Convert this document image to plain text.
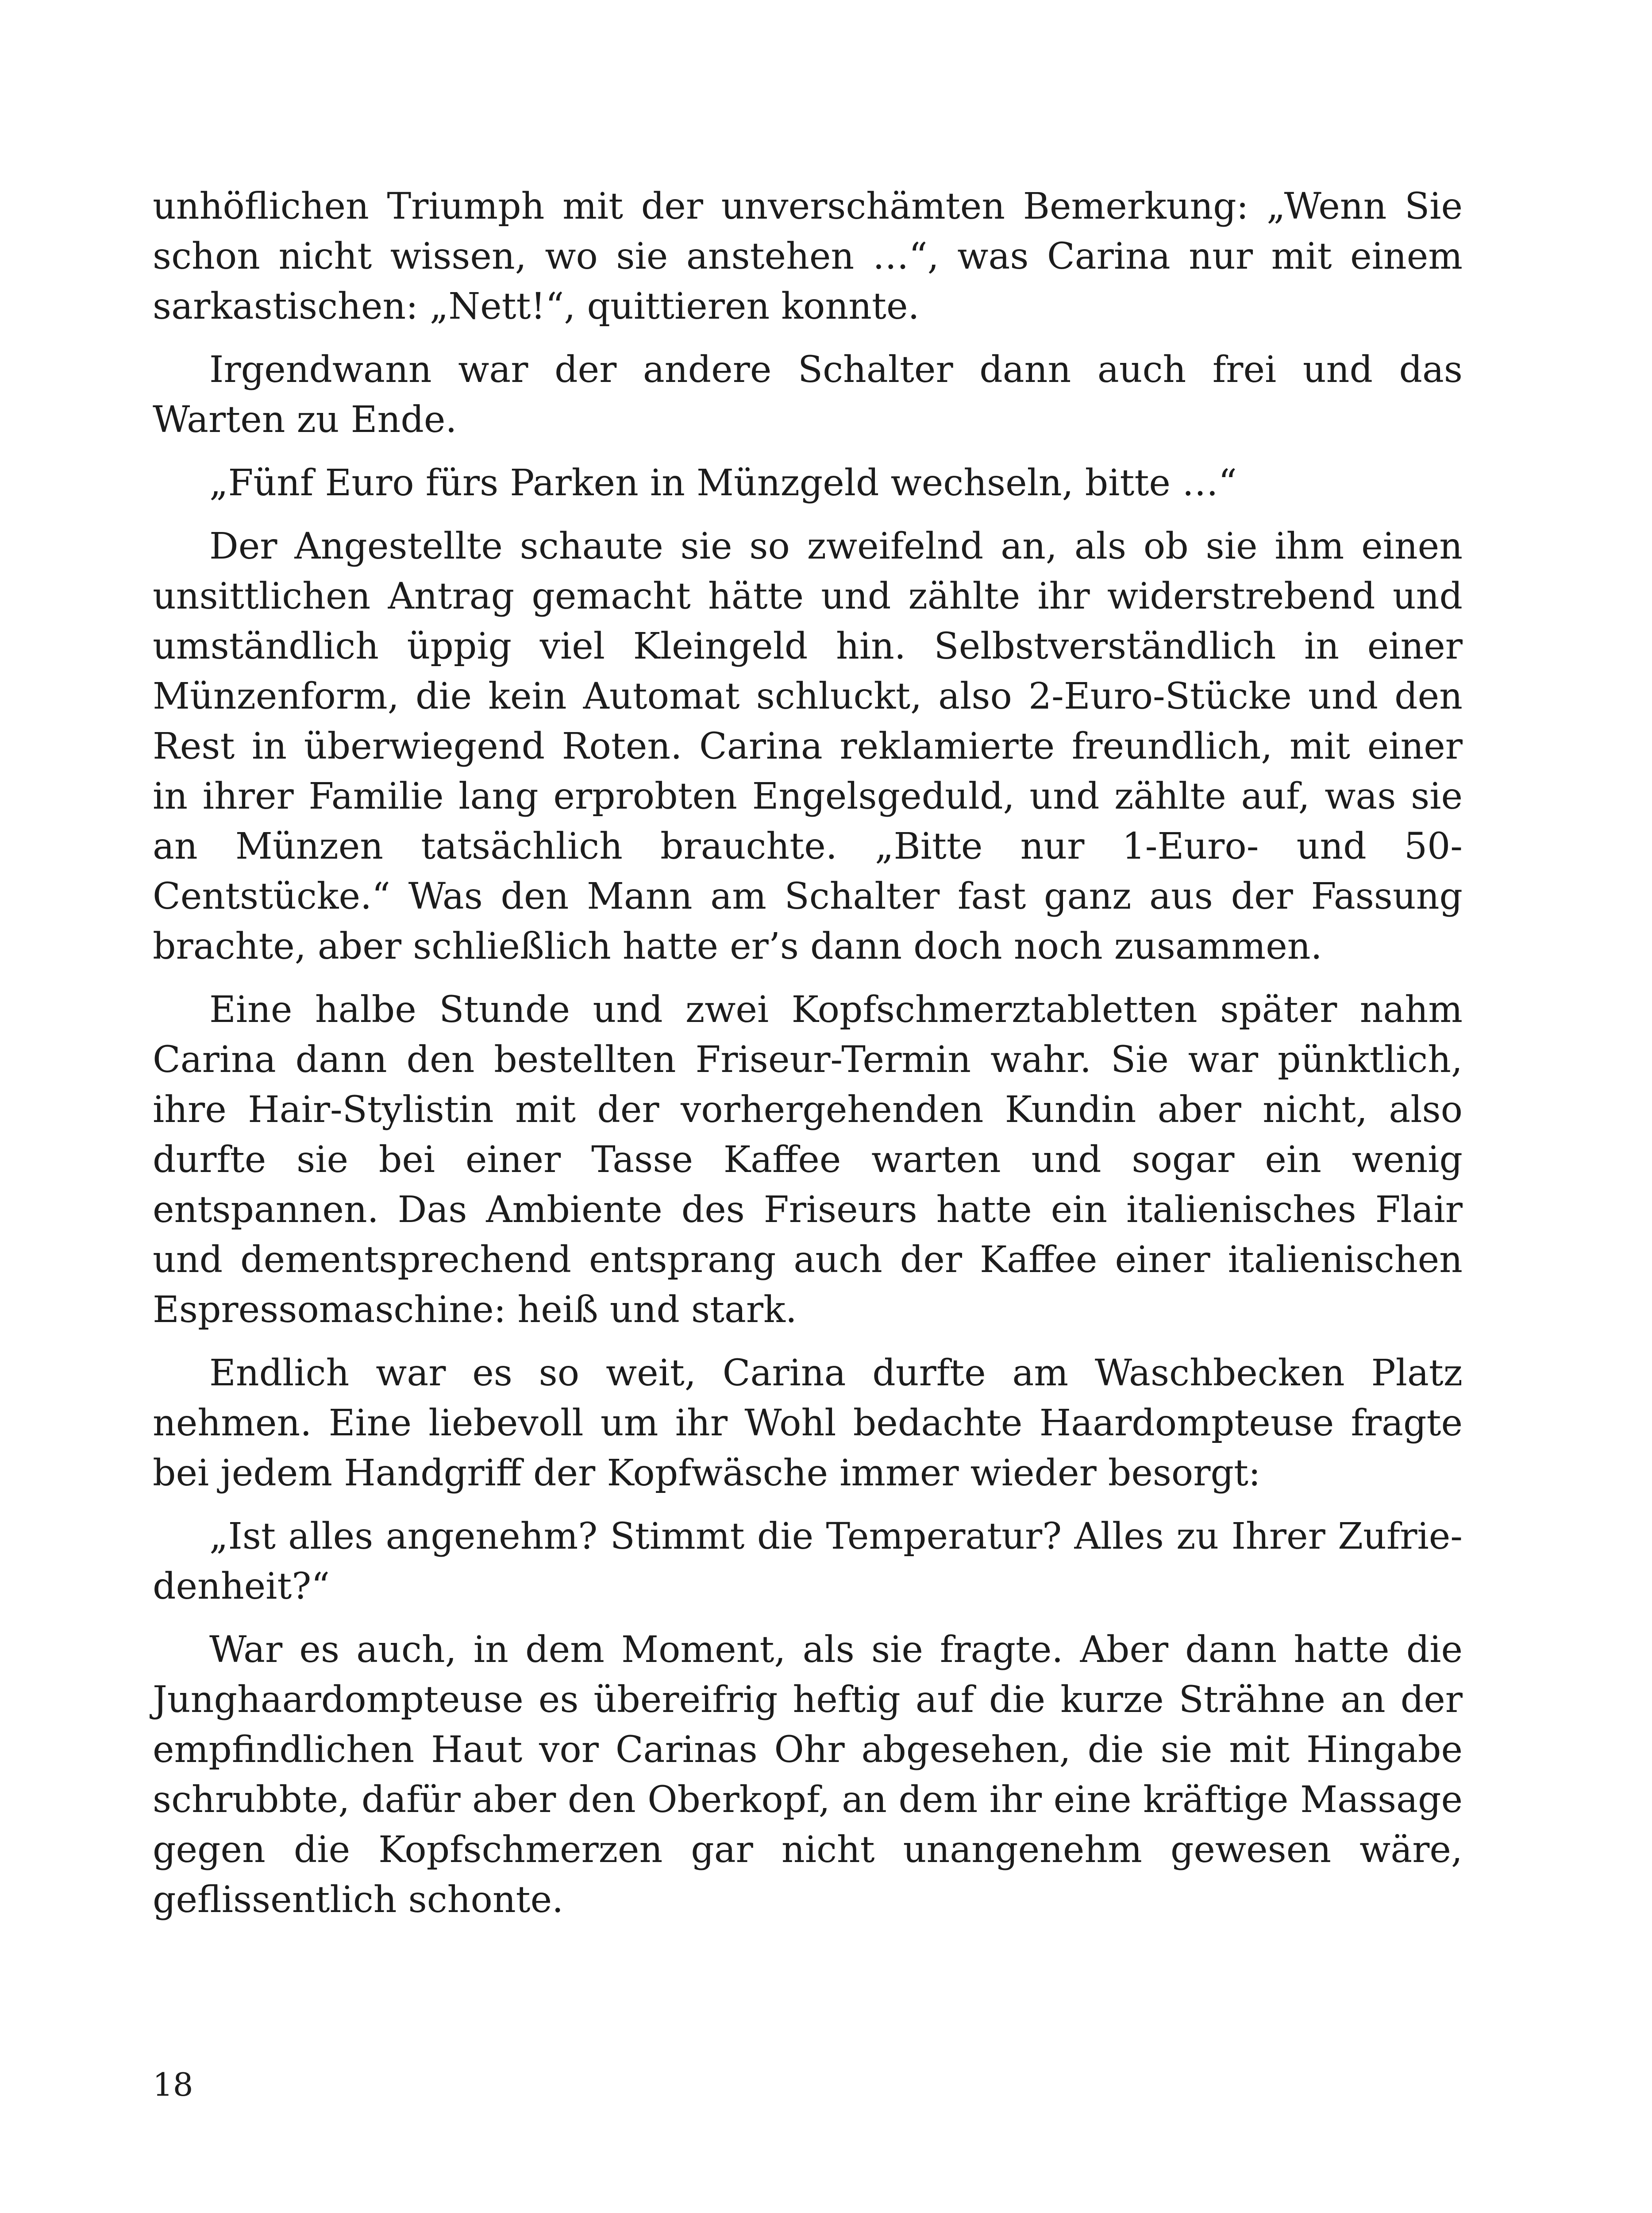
unhöflichen Triumph mit der unverschämten Bemerkung: „Wenn Sie schon nicht wissen, wo sie anstehen …“, was Carina nur mit einem sarkastischen: „Nett!“, quittieren konnte.

Irgendwann war der andere Schalter dann auch frei und das Warten zu Ende.

„Fünf Euro fürs Parken in Münzgeld wechseln, bitte …“

Der Angestellte schaute sie so zweifelnd an, als ob sie ihm einen unsittlichen Antrag gemacht hätte und zählte ihr widerstrebend und umständlich üppig viel Kleingeld hin. Selbstverständlich in einer Münzenform, die kein Automat schluckt, also 2-Euro-Stücke und den Rest in überwiegend Roten. Carina reklamierte freundlich, mit einer in ihrer Familie lang erprobten Engelsgeduld, und zählte auf, was sie an Münzen tatsächlich brauchte. „Bitte nur 1-Euro- und 50-Centstücke.“ Was den Mann am Schalter fast ganz aus der Fassung brachte, aber schließlich hatte er’s dann doch noch zusammen.

Eine halbe Stunde und zwei Kopfschmerztabletten später nahm Carina dann den bestellten Friseur-Termin wahr. Sie war pünktlich, ihre Hair-Stylistin mit der vorhergehenden Kundin aber nicht, also durfte sie bei einer Tasse Kaffee warten und sogar ein wenig entspannen. Das Ambiente des Friseurs hatte ein italienisches Flair und dementsprechend entsprang auch der Kaffee einer italienischen Espressomaschine: heiß und stark.

Endlich war es so weit, Carina durfte am Waschbecken Platz nehmen. Eine liebevoll um ihr Wohl bedachte Haardompteuse fragte bei jedem Handgriff der Kopfwäsche immer wieder besorgt:

„Ist alles angenehm? Stimmt die Temperatur? Alles zu Ihrer Zufriedenheit?“

War es auch, in dem Moment, als sie fragte. Aber dann hatte die Junghaardompteuse es übereifrig heftig auf die kurze Strähne an der empfindlichen Haut vor Carinas Ohr abgesehen, die sie mit Hingabe schrubbte, dafür aber den Oberkopf, an dem ihr eine kräftige Massage gegen die Kopfschmerzen gar nicht unangenehm gewesen wäre, geflissentlich schonte.

18
